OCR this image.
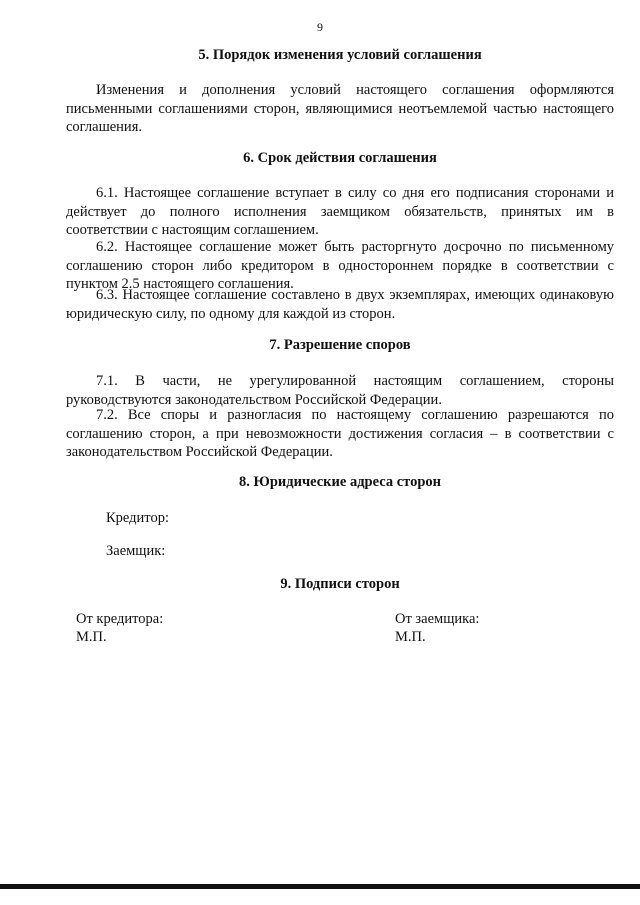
9
5. Порядок изменения условий соглашения
Изменения и дополнения условий настоящего соглашения оформляются письменными соглашениями сторон, являющимися неотъемлемой частью настоящего соглашения.
6. Срок действия соглашения
6.1. Настоящее соглашение вступает в силу со дня его подписания сторонами и действует до полного исполнения заемщиком обязательств, принятых им в соответствии с настоящим соглашением.
6.2. Настоящее соглашение может быть расторгнуто досрочно по письменному соглашению сторон либо кредитором в одностороннем порядке в соответствии с пунктом 2.5 настоящего соглашения.
6.3. Настоящее соглашение составлено в двух экземплярах, имеющих одинаковую юридическую силу, по одному для каждой из сторон.
7. Разрешение споров
7.1. В части, не урегулированной настоящим соглашением, стороны руководствуются законодательством Российской Федерации.
7.2. Все споры и разногласия по настоящему соглашению разрешаются по соглашению сторон, а при невозможности достижения согласия – в соответствии с законодательством Российской Федерации.
8. Юридические адреса сторон
Кредитор:
Заемщик:
9. Подписи сторон
От кредитора:
М.П.
От заемщика:
М.П.
